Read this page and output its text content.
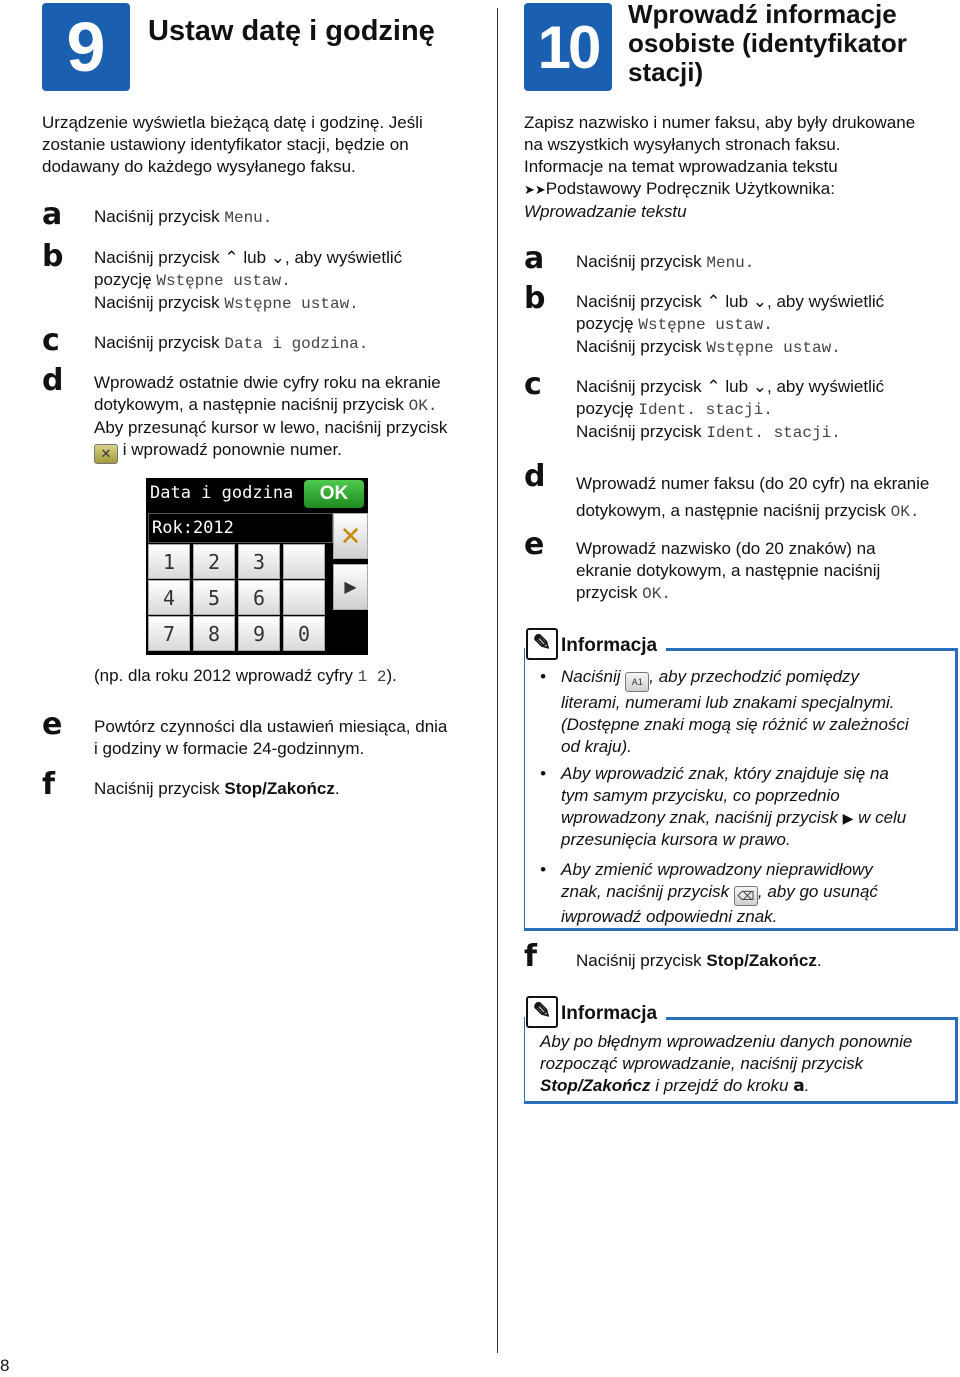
9	Ustaw datę i godzinę
Urządzenie wyświetla bieżącą datę i godzinę. Jeśli
zostanie ustawiony identyfikator stacji, będzie on
dodawany do każdego wysyłanego faksu.
a Naciśnij przycisk Menu.
b Naciśnij przycisk ⌃ lub ⌄, aby wyświetlić
pozycję Wstępne ustaw.
Naciśnij przycisk Wstępne ustaw.
c Naciśnij przycisk Data i godzina.
d Wprowadź ostatnie dwie cyfry roku na ekranie
dotykowym, a następnie naciśnij przycisk OK.
Aby przesunąć kursor w lewo, naciśnij przycisk
✕ i wprowadź ponownie numer.
Data i godzina	OK
Rok:2012
1	2	3
4	5	6
7	8	9	0
✕
▶
(np. dla roku 2012 wprowadź cyfry 1 2).
e Powtórz czynności dla ustawień miesiąca, dnia
i godziny w formacie 24-godzinnym.
f Naciśnij przycisk Stop/Zakończ.
10	Wprowadź informacje
osobiste (identyfikator
stacji)
Zapisz nazwisko i numer faksu, aby były drukowane
na wszystkich wysyłanych stronach faksu.
Informacje na temat wprowadzania tekstu
➤➤Podstawowy Podręcznik Użytkownika:
Wprowadzanie tekstu
a Naciśnij przycisk Menu.
b Naciśnij przycisk ⌃ lub ⌄, aby wyświetlić
pozycję Wstępne ustaw.
Naciśnij przycisk Wstępne ustaw.
c Naciśnij przycisk ⌃ lub ⌄, aby wyświetlić
pozycję Ident. stacji.
Naciśnij przycisk Ident. stacji.
d Wprowadź numer faksu (do 20 cyfr) na ekranie
dotykowym, a następnie naciśnij przycisk OK.
e Wprowadź nazwisko (do 20 znaków) na
ekranie dotykowym, a następnie naciśnij
przycisk OK.
✎ Informacja
• Naciśnij A1 , aby przechodzić pomiędzy
literami, numerami lub znakami specjalnymi.
(Dostępne znaki mogą się różnić w zależności
od kraju).
• Aby wprowadzić znak, który znajduje się na
tym samym przycisku, co poprzednio
wprowadzony znak, naciśnij przycisk ▶ w celu
przesunięcia kursora w prawo.
• Aby zmienić wprowadzony nieprawidłowy
znak, naciśnij przycisk ⌫ , aby go usunąć
iwprowadź odpowiedni znak.
f Naciśnij przycisk Stop/Zakończ.
✎ Informacja
Aby po błędnym wprowadzeniu danych ponownie
rozpocząć wprowadzanie, naciśnij przycisk
Stop/Zakończ i przejdź do kroku a.
8
